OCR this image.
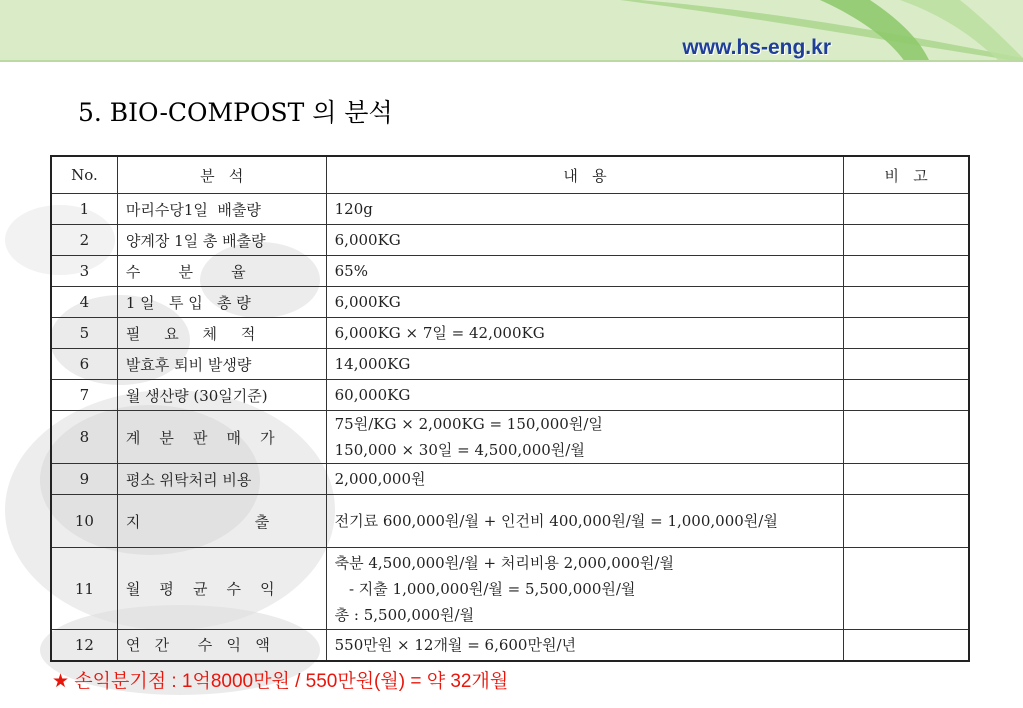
www.hs-eng.kr
5. BIO-COMPOST 의 분석
No.	분   석	내   용	비   고
1	마리수당1일  배출량	120g	

2	양계장 1일 총 배출량	6,000KG	

3	수        분        율	65%	

4	1 일   투 입   총 량	6,000KG	

5	필     요     체     적	6,000KG × 7일 = 42,000KG	

6	발효후 퇴비 발생량	14,000KG	

7	월 생산량 (30일기준)	60,000KG	

8	계    분    판    매    가	75원/KG × 2,000KG = 150,000원/일
150,000 × 30일 = 4,500,000원/월	

9	평소 위탁처리 비용	2,000,000원	

10	지                        출	전기료 600,000원/월 + 인건비 400,000원/월 = 1,000,000원/월	

11	월    평    균    수    익	축분 4,500,000원/월 + 처리비용 2,000,000원/월
- 지출 1,000,000원/월 = 5,500,000원/월
총 : 5,500,000원/월	

12	연   간      수   익   액	550만원 × 12개월 = 6,600만원/년	

★ 손익분기점 : 1억8000만원 / 550만원(월) = 약 32개월
